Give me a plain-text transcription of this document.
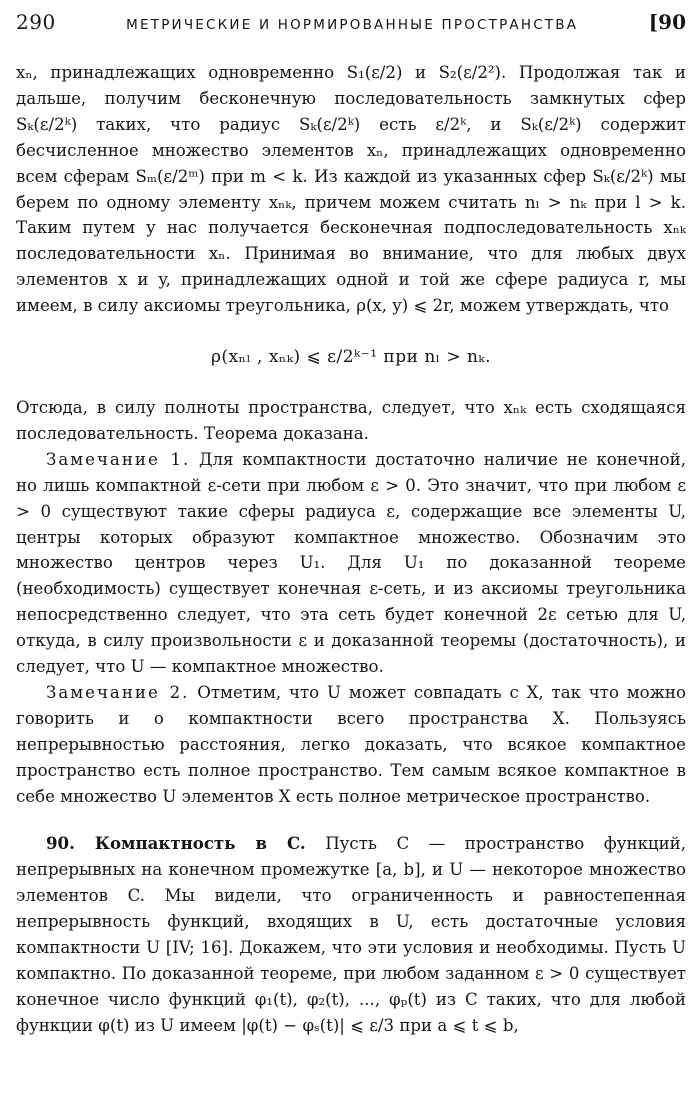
290	МЕТРИЧЕСКИЕ И НОРМИРОВАННЫЕ ПРОСТРАНСТВА	[90

xₙ, принадлежащих одновременно S₁(ε/2) и S₂(ε/2²). Продолжая так и дальше, получим бесконечную последовательность замкнутых сфер Sₖ(ε/2ᵏ) таких, что радиус Sₖ(ε/2ᵏ) есть ε/2ᵏ, и Sₖ(ε/2ᵏ) содержит бесчисленное множество элементов xₙ, принадлежащих одновременно всем сферам Sₘ(ε/2ᵐ) при m < k. Из каждой из указанных сфер Sₖ(ε/2ᵏ) мы берем по одному элементу xₙₖ, причем можем считать nₗ > nₖ при l > k. Таким путем у нас получается бесконечная подпоследовательность xₙₖ последовательности xₙ. Принимая во внимание, что для любых двух элементов x и y, принадлежащих одной и той же сфере радиуса r, мы имеем, в силу аксиомы треугольника, ρ(x, y) ⩽ 2r, можем утверждать, что

ρ(xₙₗ , xₙₖ) ⩽ ε/2ᵏ⁻¹ при nₗ > nₖ.

Отсюда, в силу полноты пространства, следует, что xₙₖ есть сходящаяся последовательность. Теорема доказана.

Замечание 1. Для компактности достаточно наличие не конечной, но лишь компактной ε-сети при любом ε > 0. Это значит, что при любом ε > 0 существуют такие сферы радиуса ε, содержащие все элементы U, центры которых образуют компактное множество. Обозначим это множество центров через U₁. Для U₁ по доказанной теореме (необходимость) существует конечная ε-сеть, и из аксиомы треугольника непосредственно следует, что эта сеть будет конечной 2ε сетью для U, откуда, в силу произвольности ε и доказанной теоремы (достаточность), и следует, что U — компактное множество.

Замечание 2. Отметим, что U может совпадать с X, так что можно говорить и о компактности всего пространства X. Пользуясь непрерывностью расстояния, легко доказать, что всякое компактное пространство есть полное пространство. Тем самым всякое компактное в себе множество U элементов X есть полное метрическое пространство.

90. Компактность в C. Пусть C — пространство функций, непрерывных на конечном промежутке [a, b], и U — некоторое множество элементов C. Мы видели, что ограниченность и равностепенная непрерывность функций, входящих в U, есть достаточные условия компактности U [IV; 16]. Докажем, что эти условия и необходимы. Пусть U компактно. По доказанной теореме, при любом заданном ε > 0 существует конечное число функций φ₁(t), φ₂(t), ..., φₚ(t) из C таких, что для любой функции φ(t) из U имеем |φ(t) − φₛ(t)| ⩽ ε/3 при a ⩽ t ⩽ b,
